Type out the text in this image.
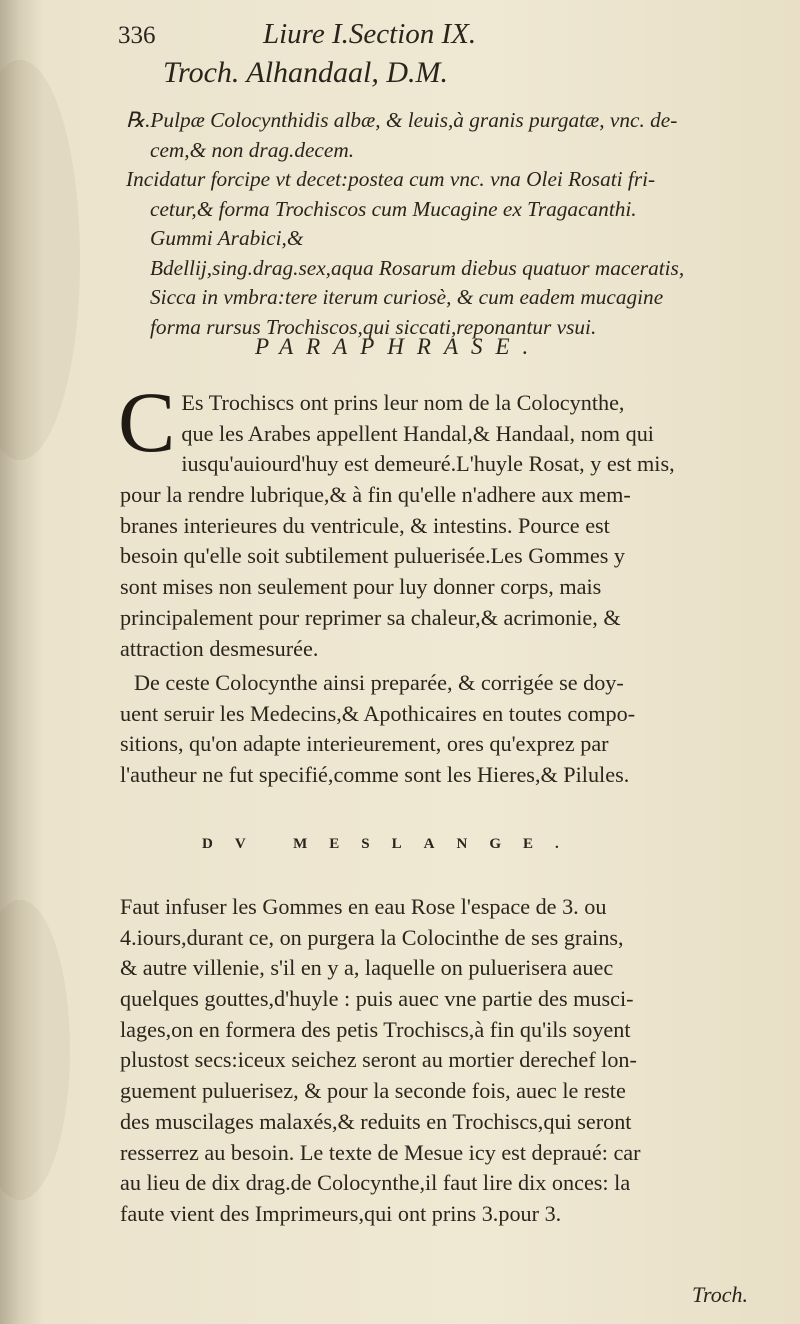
336	Liure I.Section IX.
Troch. Alhandaal, D.M.
℞.Pulpæ Colocynthidis albæ, & leuis,à granis purgatæ, vnc. de-
cem,& non drag.decem.
Incidatur forcipe vt decet:postea cum vnc. vna Olei Rosati fri-
cetur,& forma Trochiscos cum Mucagine ex Tragacanthi.
Gummi Arabici,&
Bdellij,sing.drag.sex,aqua Rosarum diebus quatuor maceratis,
Sicca in vmbra:tere iterum curiosè, & cum eadem mucagine
forma rursus Trochiscos,qui siccati,reponantur vsui.
PARAPHRASE.
C Es Trochiscs ont prins leur nom de la Colocynthe,
que les Arabes appellent Handal,& Handaal, nom qui
iusqu'auiourd'huy est demeuré.L'huyle Rosat, y est mis,
pour la rendre lubrique,& à fin qu'elle n'adhere aux mem-
branes interieures du ventricule, & intestins. Pource est
besoin qu'elle soit subtilement puluerisée.Les Gommes y
sont mises non seulement pour luy donner corps, mais
principalement pour reprimer sa chaleur,& acrimonie, &
attraction desmesurée.
De ceste Colocynthe ainsi preparée, & corrigée se doy-
uent seruir les Medecins,& Apothicaires en toutes compo-
sitions, qu'on adapte interieurement, ores qu'exprez par
l'autheur ne fut specifié,comme sont les Hieres,& Pilules.
DV MESLANGE.
Faut infuser les Gommes en eau Rose l'espace de 3. ou
4.iours,durant ce, on purgera la Colocinthe de ses grains,
& autre villenie, s'il en y a, laquelle on puluerisera auec
quelques gouttes,d'huyle : puis auec vne partie des musci-
lages,on en formera des petis Trochiscs,à fin qu'ils soyent
plustost secs:iceux seichez seront au mortier derechef lon-
guement puluerisez, & pour la seconde fois, auec le reste
des muscilages malaxés,& reduits en Trochiscs,qui seront
resserrez au besoin. Le texte de Mesue icy est depraué: car
au lieu de dix drag.de Colocynthe,il faut lire dix onces: la
faute vient des Imprimeurs,qui ont prins 3.pour 3.
Troch.
